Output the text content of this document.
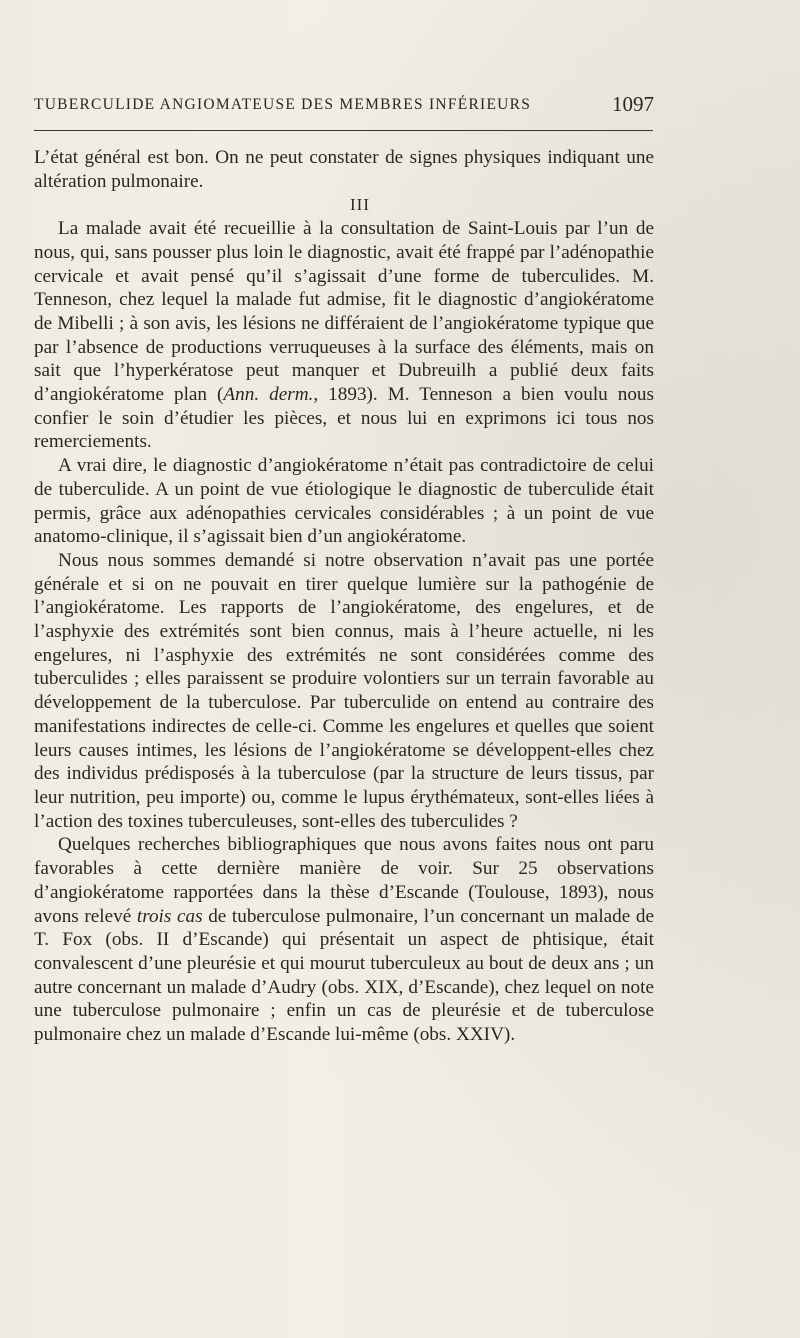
TUBERCULIDE ANGIOMATEUSE DES MEMBRES INFÉRIEURS	1097

L’état général est bon. On ne peut constater de signes physiques indiquant une altération pulmonaire.

III

La malade avait été recueillie à la consultation de Saint-Louis par l’un de nous, qui, sans pousser plus loin le diagnostic, avait été frappé par l’adénopathie cervicale et avait pensé qu’il s’agissait d’une forme de tuberculides. M. Tenneson, chez lequel la malade fut admise, fit le diagnostic d’angiokératome de Mibelli ; à son avis, les lésions ne différaient de l’angiokératome typique que par l’absence de productions verruqueuses à la surface des éléments, mais on sait que l’hyperkératose peut manquer et Dubreuilh a publié deux faits d’angiokératome plan (Ann. derm., 1893). M. Tenneson a bien voulu nous confier le soin d’étudier les pièces, et nous lui en exprimons ici tous nos remerciements.

A vrai dire, le diagnostic d’angiokératome n’était pas contradictoire de celui de tuberculide. A un point de vue étiologique le diagnostic de tuberculide était permis, grâce aux adénopathies cervicales considérables ; à un point de vue anatomo-clinique, il s’agissait bien d’un angiokératome.

Nous nous sommes demandé si notre observation n’avait pas une portée générale et si on ne pouvait en tirer quelque lumière sur la pathogénie de l’angiokératome. Les rapports de l’angiokératome, des engelures, et de l’asphyxie des extrémités sont bien connus, mais à l’heure actuelle, ni les engelures, ni l’asphyxie des extrémités ne sont considérées comme des tuberculides ; elles paraissent se produire volontiers sur un terrain favorable au développement de la tuberculose. Par tuberculide on entend au contraire des manifestations indirectes de celle-ci. Comme les engelures et quelles que soient leurs causes intimes, les lésions de l’angiokératome se développent-elles chez des individus prédisposés à la tuberculose (par la structure de leurs tissus, par leur nutrition, peu importe) ou, comme le lupus érythémateux, sont-elles liées à l’action des toxines tuberculeuses, sont-elles des tuberculides ?

Quelques recherches bibliographiques que nous avons faites nous ont paru favorables à cette dernière manière de voir. Sur 25 observations d’angiokératome rapportées dans la thèse d’Escande (Toulouse, 1893), nous avons relevé trois cas de tuberculose pulmonaire, l’un concernant un malade de T. Fox (obs. II d’Escande) qui présentait un aspect de phtisique, était convalescent d’une pleurésie et qui mourut tuberculeux au bout de deux ans ; un autre concernant un malade d’Audry (obs. XIX, d’Escande), chez lequel on note une tuberculose pulmonaire ; enfin un cas de pleurésie et de tuberculose pulmonaire chez un malade d’Escande lui-même (obs. XXIV).
